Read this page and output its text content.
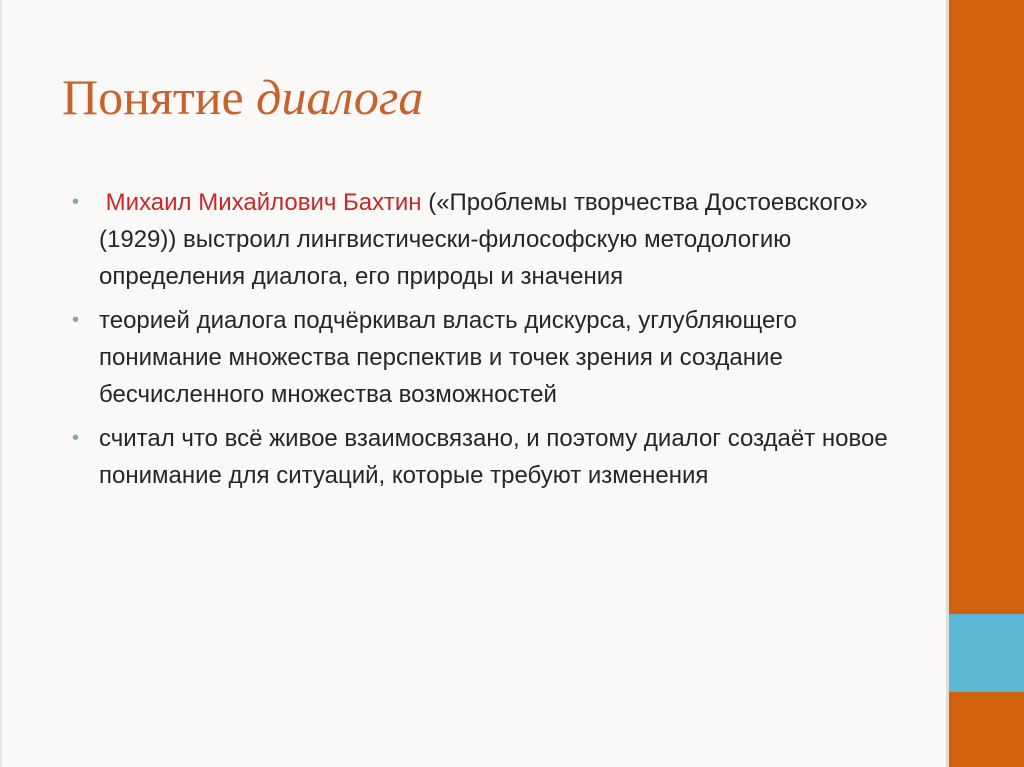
Понятие диалога
• Михаил Михайлович Бахтин («Проблемы творчества Достоевского» (1929)) выстроил лингвистически-философскую методологию определения диалога, его природы и значения
• теорией диалога подчёркивал власть дискурса, углубляющего понимание множества перспектив и точек зрения и создание бесчисленного множества возможностей
• считал что всё живое взаимосвязано, и поэтому диалог создаёт новое понимание для ситуаций, которые требуют изменения
